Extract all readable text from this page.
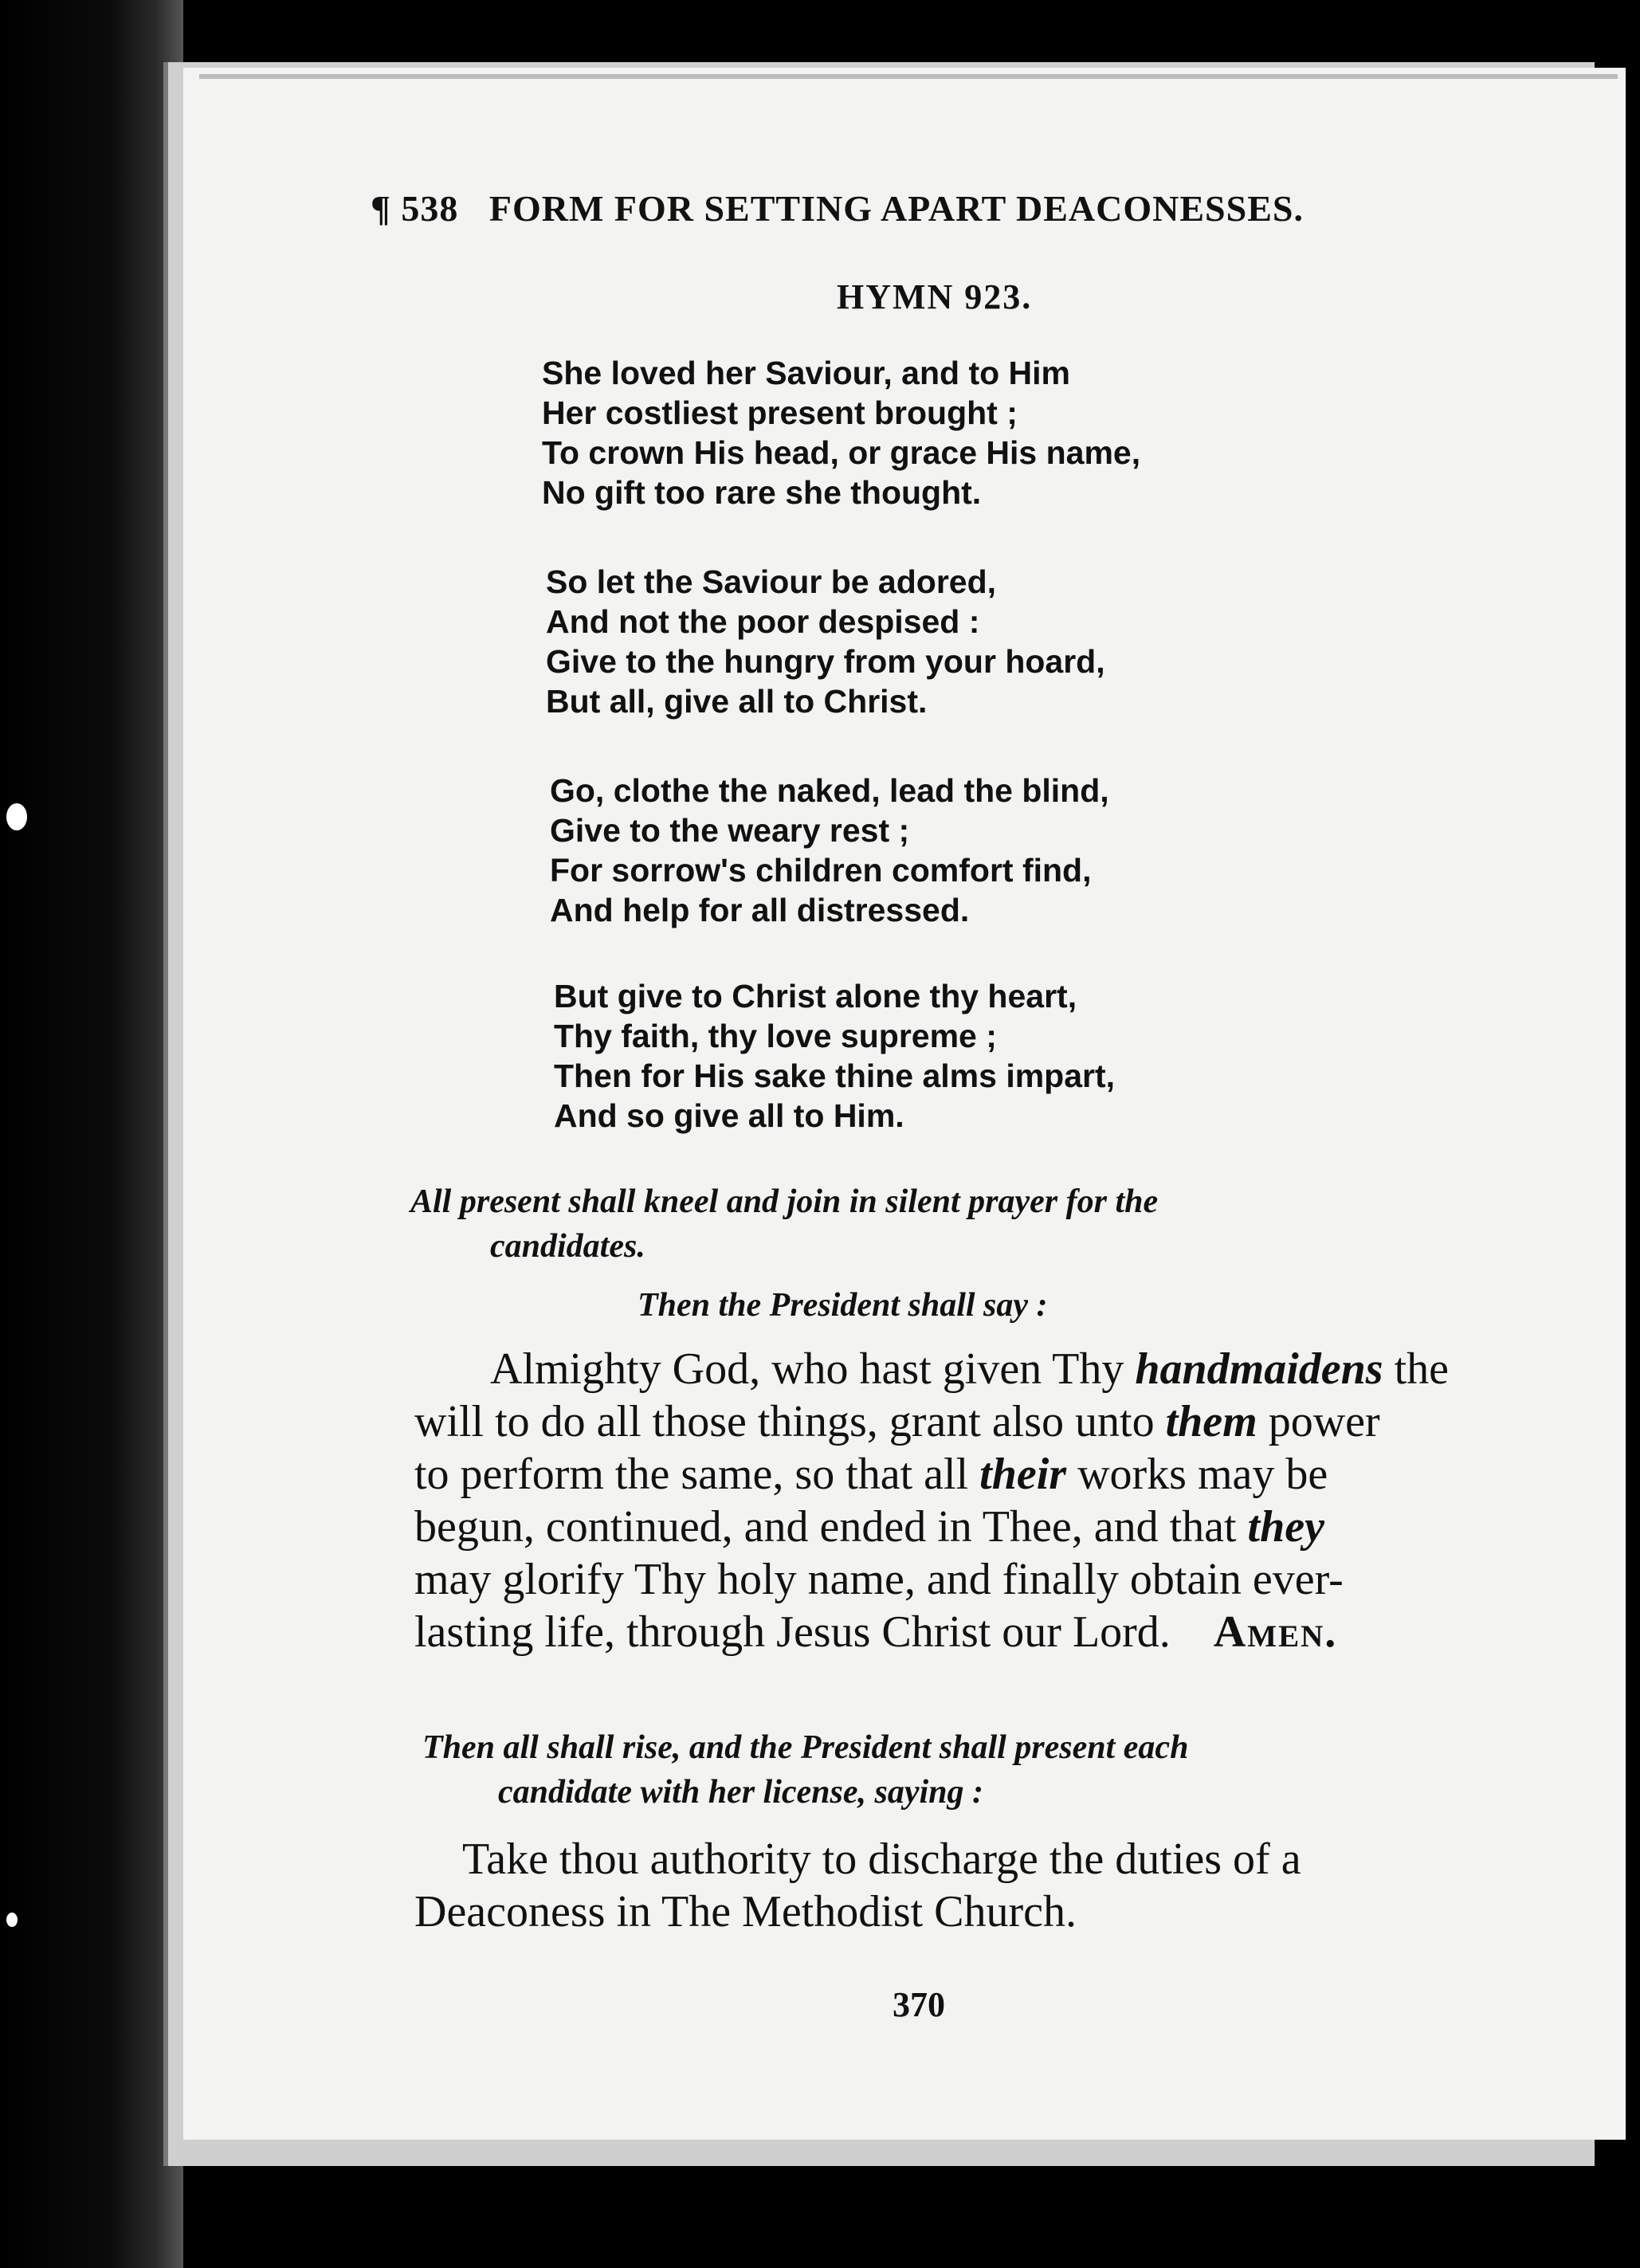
¶ 538 FORM FOR SETTING APART DEACONESSES.
HYMN 923.
She loved her Saviour, and to Him
Her costliest present brought ;
To crown His head, or grace His name,
No gift too rare she thought.
So let the Saviour be adored,
And not the poor despised :
Give to the hungry from your hoard,
But all, give all to Christ.
Go, clothe the naked, lead the blind,
Give to the weary rest ;
For sorrow's children comfort find,
And help for all distressed.
But give to Christ alone thy heart,
Thy faith, thy love supreme ;
Then for His sake thine alms impart,
And so give all to Him.
All present shall kneel and join in silent prayer for the
candidates.
Then the President shall say :

Almighty God, who hast given Thy handmaidens the

will to do all those things, grant also unto them power

to perform the same, so that all their works may be

begun, continued, and ended in Thee, and that they

may glorify Thy holy name, and finally obtain ever-

lasting life, through Jesus Christ our Lord. Amen.

Then all shall rise, and the President shall present each
candidate with her license, saying :

Take thou authority to discharge the duties of a

Deaconess in The Methodist Church.

370
